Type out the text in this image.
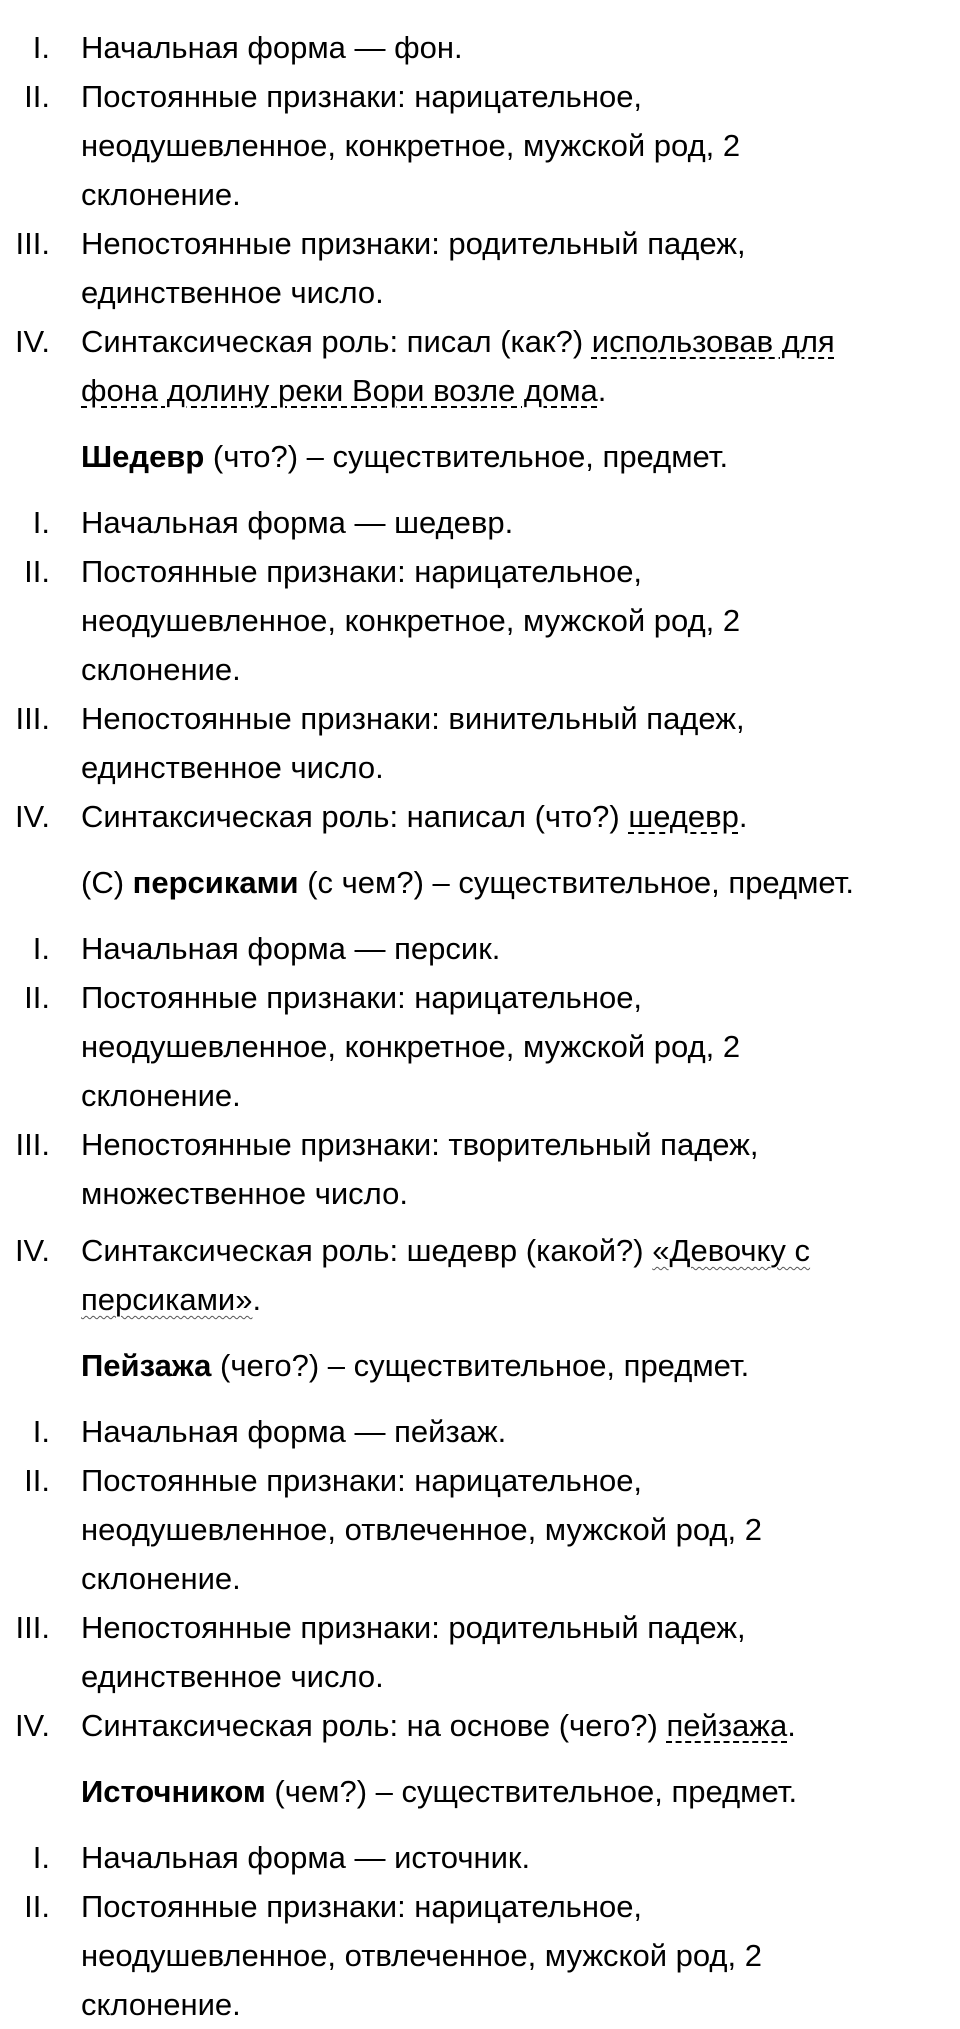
I. Начальная форма — фон.
II. Постоянные признаки: нарицательное,
неодушевленное, конкретное, мужской род, 2
склонение.
III. Непостоянные признаки: родительный падеж,
единственное число.
IV. Синтаксическая роль: писал (как?) использовав для
фона долину реки Вори возле дома.
Шедевр (что?) – существительное, предмет.
I. Начальная форма — шедевр.
II. Постоянные признаки: нарицательное,
неодушевленное, конкретное, мужской род, 2
склонение.
III. Непостоянные признаки: винительный падеж,
единственное число.
IV. Синтаксическая роль: написал (что?) шедевр.
(С) персиками (с чем?) – существительное, предмет.
I. Начальная форма — персик.
II. Постоянные признаки: нарицательное,
неодушевленное, конкретное, мужской род, 2
склонение.
III. Непостоянные признаки: творительный падеж,
множественное число.
IV. Синтаксическая роль: шедевр (какой?) «Девочку с
персиками».
Пейзажа (чего?) – существительное, предмет.
I. Начальная форма — пейзаж.
II. Постоянные признаки: нарицательное,
неодушевленное, отвлеченное, мужской род, 2
склонение.
III. Непостоянные признаки: родительный падеж,
единственное число.
IV. Синтаксическая роль: на основе (чего?) пейзажа.
Источником (чем?) – существительное, предмет.
I. Начальная форма — источник.
II. Постоянные признаки: нарицательное,
неодушевленное, отвлеченное, мужской род, 2
склонение.
